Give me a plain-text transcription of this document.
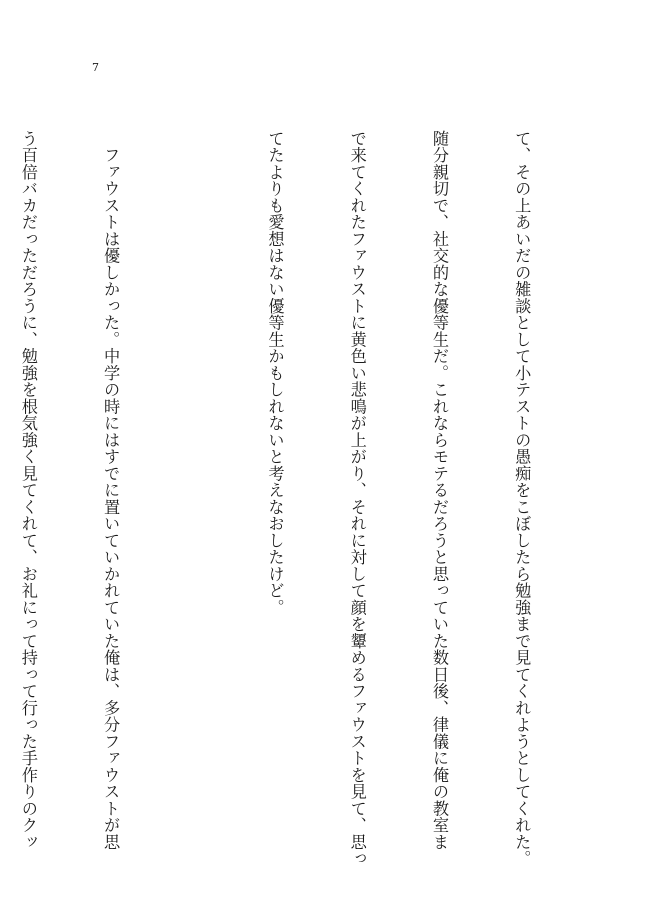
7

て、その上あいだの雑談として小テストの愚痴をこぼしたら勉強まで見てくれようとしてくれた。

随分親切で、社交的な優等生だ。これならモテるだろうと思っていた数日後、律儀に俺の教室ま

で来てくれたファウストに黄色い悲鳴が上がり、それに対して顔を顰めるファウストを見て、思っ

てたよりも愛想はない優等生かもしれないと考えなおしたけど。

　ファウストは優しかった。中学の時にはすでに置いていかれていた俺は、多分ファウストが思

う百倍バカだっただろうに、勉強を根気強く見てくれて、お礼にって持って行った手作りのクッ
